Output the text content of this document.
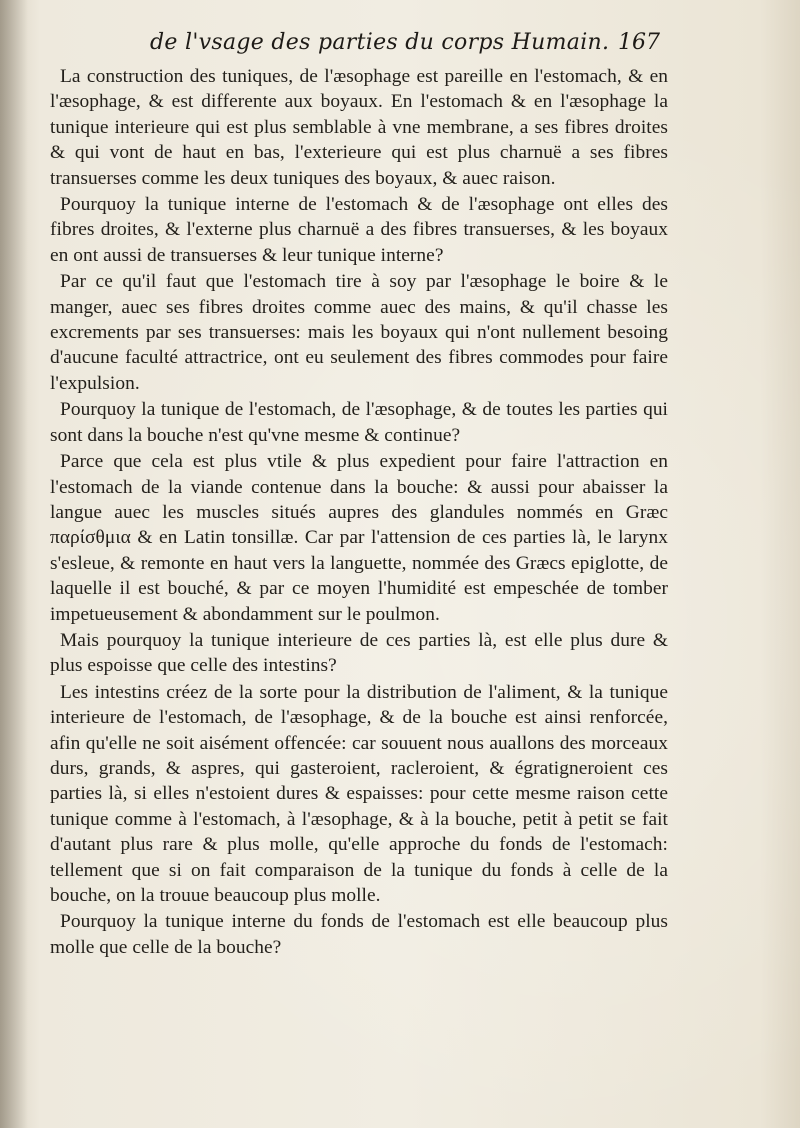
de l'vsage des parties du corps Humain. 167

La construction des tuniques, de l'æsophage est pareille en l'estomach, & en l'æsophage, & est differente aux boyaux. En l'estomach & en l'æsophage la tunique interieure qui est plus semblable à vne membrane, a ses fibres droites & qui vont de haut en bas, l'exterieure qui est plus charnuë a ses fibres transuerses comme les deux tuniques des boyaux, & auec raison.

Pourquoy la tunique interne de l'estomach & de l'æsophage ont elles des fibres droites, & l'externe plus charnuë a des fibres transuerses, & les boyaux en ont aussi de transuerses & leur tunique interne?

Par ce qu'il faut que l'estomach tire à soy par l'æsophage le boire & le manger, auec ses fibres droites comme auec des mains, & qu'il chasse les excrements par ses transuerses: mais les boyaux qui n'ont nullement besoing d'aucune faculté attractrice, ont eu seulement des fibres commodes pour faire l'expulsion.

Pourquoy la tunique de l'estomach, de l'æsophage, & de toutes les parties qui sont dans la bouche n'est qu'vne mesme & continue?

Parce que cela est plus vtile & plus expedient pour faire l'attraction en l'estomach de la viande contenue dans la bouche: & aussi pour abaisser la langue auec les muscles situés aupres des glandules nommés en Græc παρίσθμια & en Latin tonsillæ. Car par l'attension de ces parties là, le larynx s'esleue, & remonte en haut vers la languette, nommée des Græcs epiglotte, de laquelle il est bouché, & par ce moyen l'humidité est empeschée de tomber impetueusement & abondamment sur le poulmon.

Mais pourquoy la tunique interieure de ces parties là, est elle plus dure & plus espoisse que celle des intestins?

Les intestins créez de la sorte pour la distribution de l'aliment, & la tunique interieure de l'estomach, de l'æsophage, & de la bouche est ainsi renforcée, afin qu'elle ne soit aisément offencée: car souuent nous auallons des morceaux durs, grands, & aspres, qui gasteroient, racleroient, & égratigneroient ces parties là, si elles n'estoient dures & espaisses: pour cette mesme raison cette tunique comme à l'estomach, à l'æsophage, & à la bouche, petit à petit se fait d'autant plus rare & plus molle, qu'elle approche du fonds de l'estomach: tellement que si on fait comparaison de la tunique du fonds à celle de la bouche, on la trouue beaucoup plus molle.

Pourquoy la tunique interne du fonds de l'estomach est elle beaucoup plus molle que celle de la bouche?
